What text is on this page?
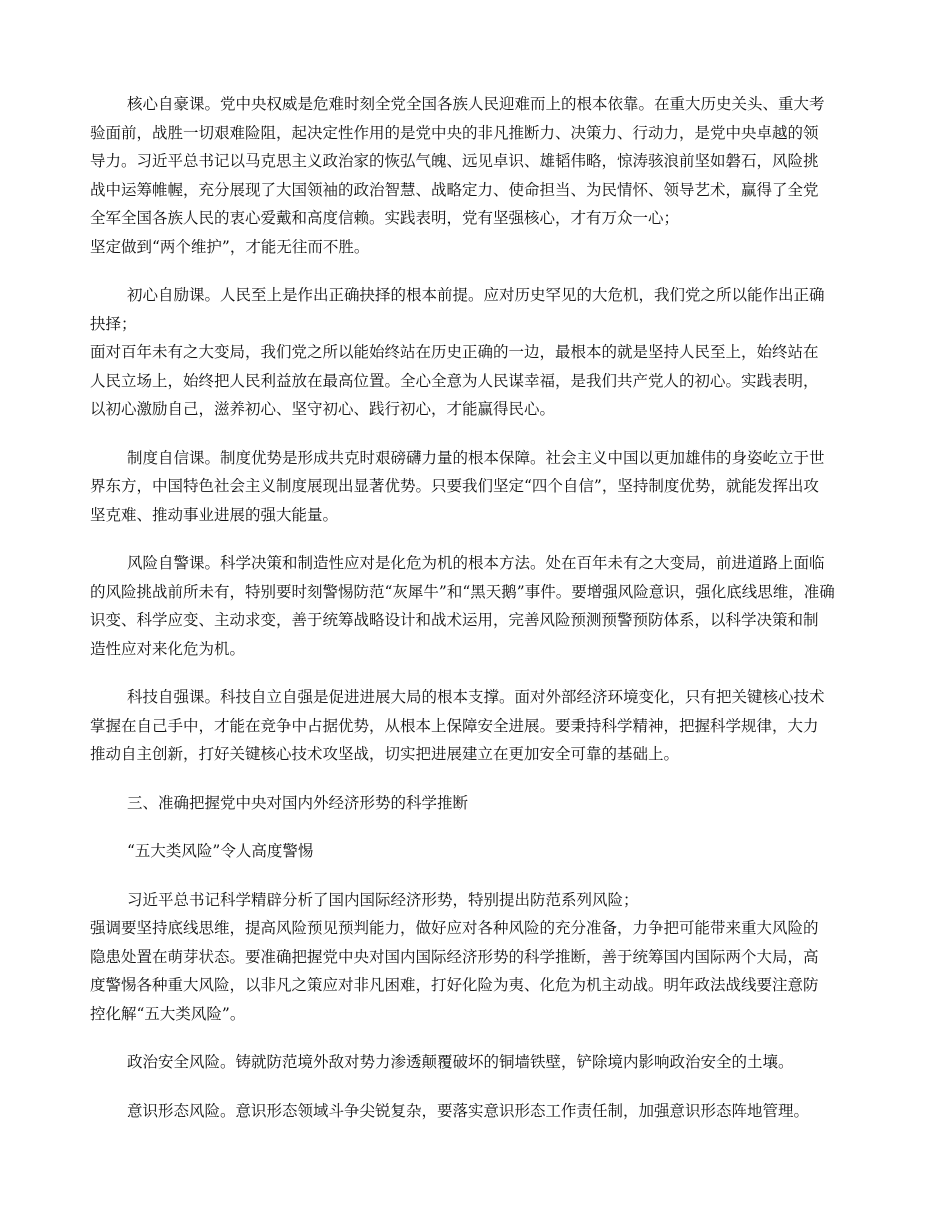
核心自豪课。党中央权威是危难时刻全党全国各族人民迎难而上的根本依靠。在重大历史关头、重大考
验面前，战胜一切艰难险阻，起决定性作用的是党中央的非凡推断力、决策力、行动力，是党中央卓越的领
导力。习近平总书记以马克思主义政治家的恢弘气魄、远见卓识、雄韬伟略，惊涛骇浪前坚如磐石，风险挑
战中运筹帷幄，充分展现了大国领袖的政治智慧、战略定力、使命担当、为民情怀、领导艺术，赢得了全党
全军全国各族人民的衷心爱戴和高度信赖。实践表明，党有坚强核心，才有万众一心；
坚定做到“两个维护”，才能无往而不胜。
初心自励课。人民至上是作出正确抉择的根本前提。应对历史罕见的大危机，我们党之所以能作出正确
抉择；
面对百年未有之大变局，我们党之所以能始终站在历史正确的一边，最根本的就是坚持人民至上，始终站在
人民立场上，始终把人民利益放在最高位置。全心全意为人民谋幸福，是我们共产党人的初心。实践表明，
以初心激励自己，滋养初心、坚守初心、践行初心，才能赢得民心。
制度自信课。制度优势是形成共克时艰磅礴力量的根本保障。社会主义中国以更加雄伟的身姿屹立于世
界东方，中国特色社会主义制度展现出显著优势。只要我们坚定“四个自信”，坚持制度优势，就能发挥出攻
坚克难、推动事业进展的强大能量。
风险自警课。科学决策和制造性应对是化危为机的根本方法。处在百年未有之大变局，前进道路上面临
的风险挑战前所未有，特别要时刻警惕防范“灰犀牛”和“黑天鹅”事件。要增强风险意识，强化底线思维，准确
识变、科学应变、主动求变，善于统筹战略设计和战术运用，完善风险预测预警预防体系，以科学决策和制
造性应对来化危为机。
科技自强课。科技自立自强是促进进展大局的根本支撑。面对外部经济环境变化，只有把关键核心技术
掌握在自己手中，才能在竞争中占据优势，从根本上保障安全进展。要秉持科学精神，把握科学规律，大力
推动自主创新，打好关键核心技术攻坚战，切实把进展建立在更加安全可靠的基础上。
三、准确把握党中央对国内外经济形势的科学推断
“五大类风险”令人高度警惕
习近平总书记科学精辟分析了国内国际经济形势，特别提出防范系列风险；
强调要坚持底线思维，提高风险预见预判能力，做好应对各种风险的充分准备，力争把可能带来重大风险的
隐患处置在萌芽状态。要准确把握党中央对国内国际经济形势的科学推断，善于统筹国内国际两个大局，高
度警惕各种重大风险，以非凡之策应对非凡困难，打好化险为夷、化危为机主动战。明年政法战线要注意防
控化解“五大类风险”。
政治安全风险。铸就防范境外敌对势力渗透颠覆破坏的铜墙铁壁，铲除境内影响政治安全的土壤。
意识形态风险。意识形态领域斗争尖锐复杂，要落实意识形态工作责任制，加强意识形态阵地管理。
